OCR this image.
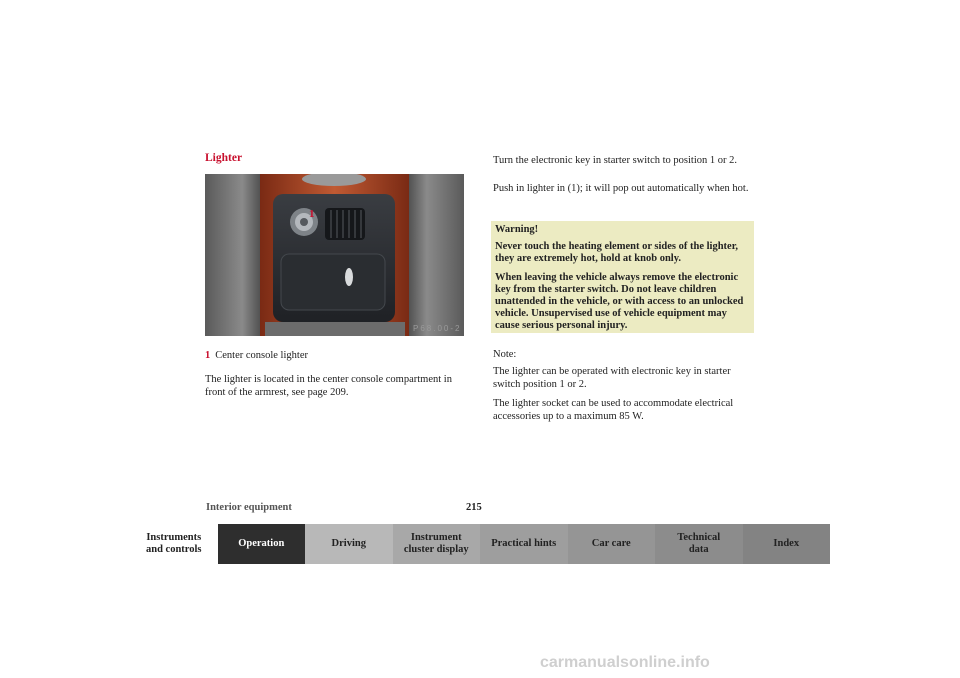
Lighter
1
P68.00-2
1 Center console lighter
The lighter is located in the center console compartment in front of the armrest, see page 209.
Turn the electronic key in starter switch to position 1 or 2.
Push in lighter in (1); it will pop out automatically when hot.
Warning!
Never touch the heating element or sides of the lighter, they are extremely hot, hold at knob only.
When leaving the vehicle always remove the electronic key from the starter switch. Do not leave children unattended in the vehicle, or with access to an unlocked vehicle. Unsupervised use of vehicle equipment may cause serious personal injury.
Note:
The lighter can be operated with electronic key in starter switch position 1 or 2.
The lighter socket can be used to accommodate electrical accessories up to a maximum 85 W.
Interior equipment	215
Instruments
and controls
Operation	Driving
Instrument
cluster display
Practical hints	Car care
Technical
data
Index
carmanualsonline.info
